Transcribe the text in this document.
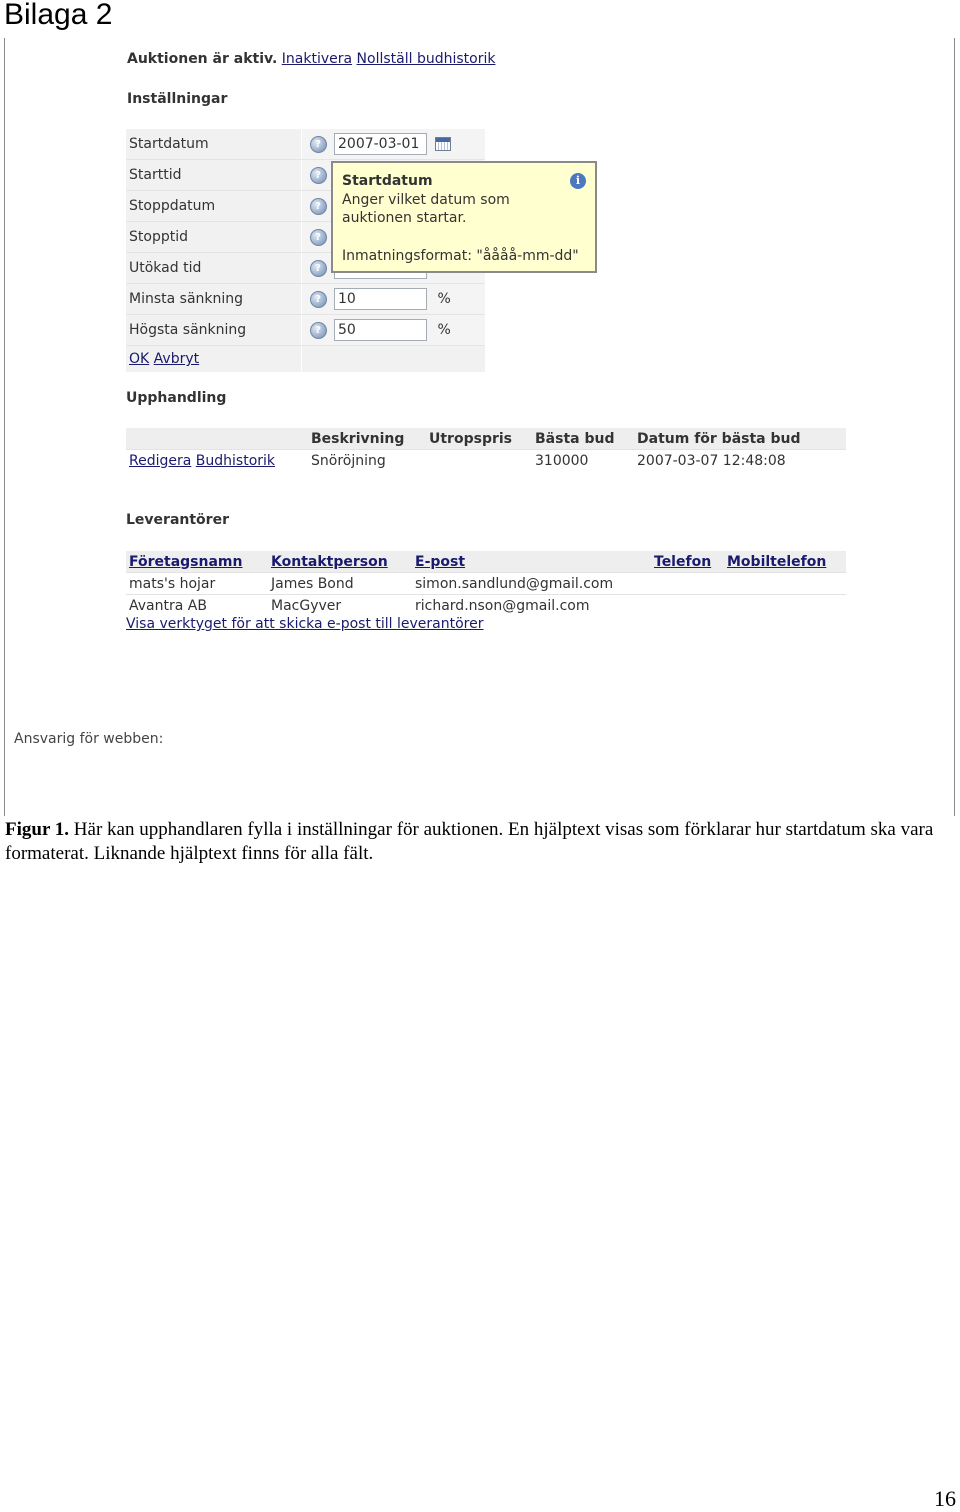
Bilaga 2
Auktionen är aktiv. Inaktivera Nollställ budhistorik
Inställningar
Startdatum	?	2007-03-01
Starttid	?	
Stoppdatum	?	
Stopptid	?	
Utökad tid	?	
Minsta sänkning	?	10%
Högsta sänkning	?	50%
OK Avbryt		
Startdatum	i
Anger vilket datum som auktionen startar.
Inmatningsformat: "åååå-mm-dd"
Upphandling
	Beskrivning	Utropspris	Bästa bud	Datum för bästa bud
Redigera Budhistorik	Snöröjning		310000	2007-03-07 12:48:08
Leverantörer
Företagsnamn	Kontaktperson	E-post	Telefon	Mobiltelefon
mats's hojar	James Bond	simon.sandlund@gmail.com		
Avantra AB	MacGyver	richard.nson@gmail.com		
Visa verktyget för att skicka e-post till leverantörer
Ansvarig för webben:

Figur 1. Här kan upphandlaren fylla i inställningar för auktionen. En hjälptext visas som förklarar hur startdatum ska vara formaterat. Liknande hjälptext finns för alla fält.

16
